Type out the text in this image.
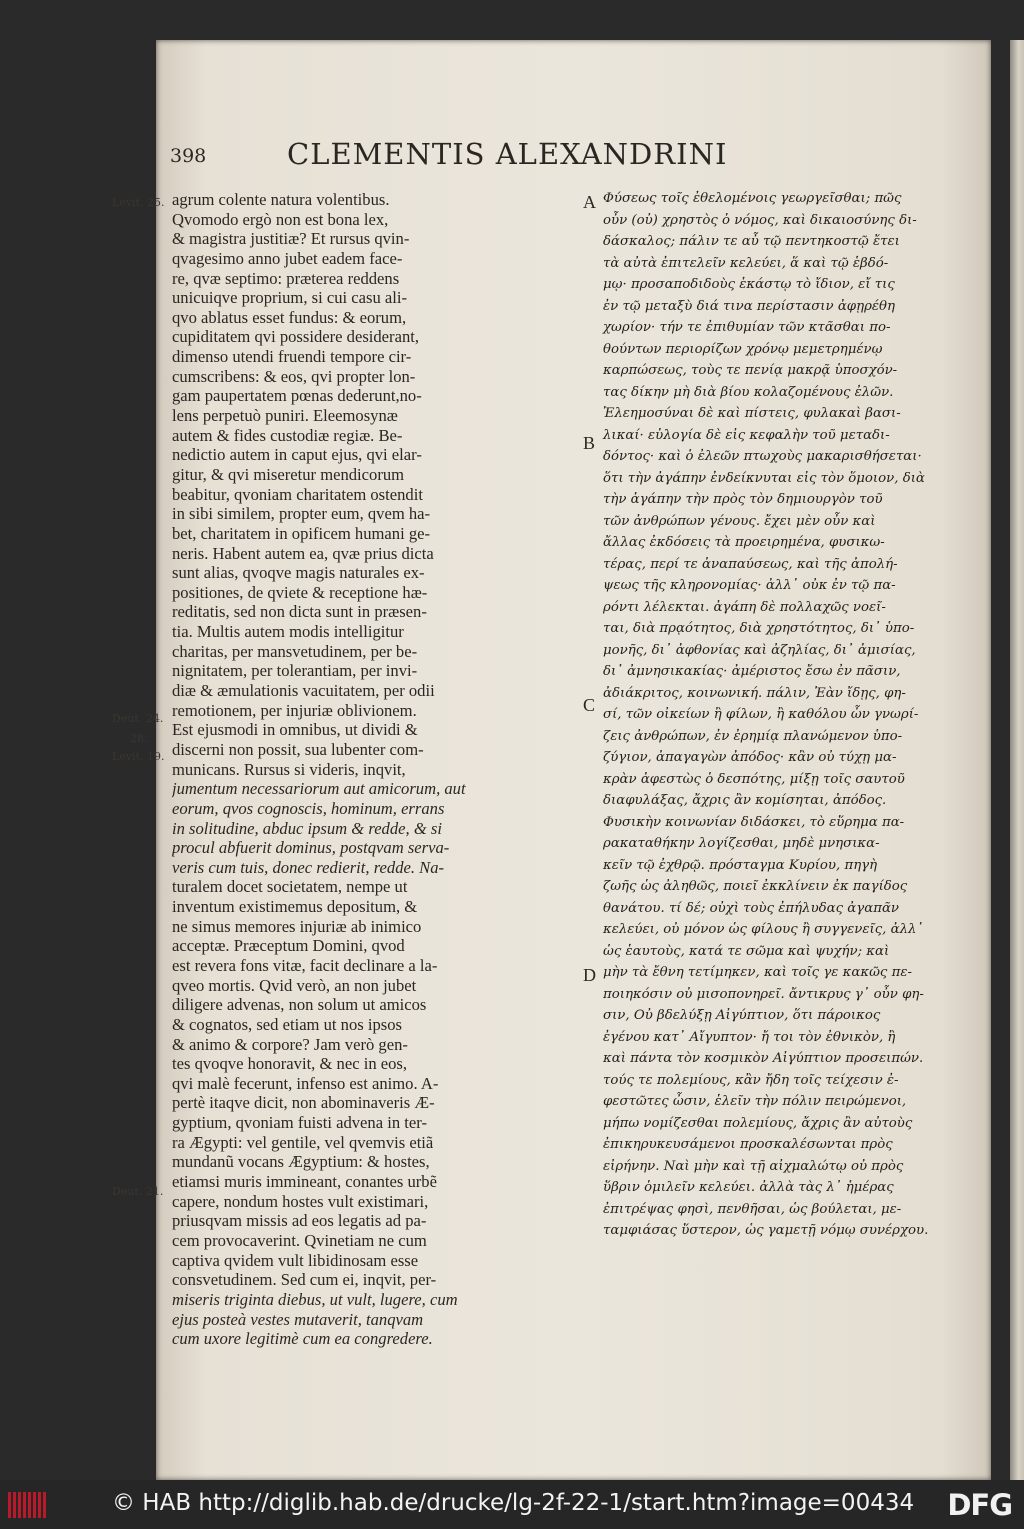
398	CLEMENTIS ALEXANDRINI
Levit. 25.
Deut. 24.
28.
Levit. 19.
Deut. 21.
agrum colente natura volentibus.
Qvomodo ergò non est bona lex,
& magistra justitiæ? Et rursus qvin-
qvagesimo anno jubet eadem face-
re, qvæ septimo: præterea reddens
unicuiqve proprium, si cui casu ali-
qvo ablatus esset fundus: & eorum,
cupiditatem qvi possidere desiderant,
dimenso utendi fruendi tempore cir-
cumscribens: & eos, qvi propter lon-
gam paupertatem pœnas dederunt,no-
lens perpetuò puniri. Eleemosynæ
autem & fides custodiæ regiæ. Be-
nedictio autem in caput ejus, qvi elar-
gitur, & qvi miseretur mendicorum
beabitur, qvoniam charitatem ostendit
in sibi similem, propter eum, qvem ha-
bet, charitatem in opificem humani ge-
neris. Habent autem ea, qvæ prius dicta
sunt alias, qvoqve magis naturales ex-
positiones, de qviete & receptione hæ-
reditatis, sed non dicta sunt in præsen-
tia. Multis autem modis intelligitur
charitas, per mansvetudinem, per be-
nignitatem, per tolerantiam, per invi-
diæ & æmulationis vacuitatem, per odii
remotionem, per injuriæ oblivionem.
Est ejusmodi in omnibus, ut dividi &
discerni non possit, sua lubenter com-
municans. Rursus si videris, inqvit,
jumentum necessariorum aut amicorum, aut
eorum, qvos cognoscis, hominum, errans
in solitudine, abduc ipsum & redde, & si
procul abfuerit dominus, postqvam serva-
veris cum tuis, donec redierit, redde. Na-
turalem docet societatem, nempe ut
inventum existimemus depositum, &
ne simus memores injuriæ ab inimico
acceptæ. Præceptum Domini, qvod
est revera fons vitæ, facit declinare a la-
qveo mortis. Qvid verò, an non jubet
diligere advenas, non solum ut amicos
& cognatos, sed etiam ut nos ipsos
& animo & corpore? Jam verò gen-
tes qvoqve honoravit, & nec in eos,
qvi malè fecerunt, infenso est animo. A-
pertè itaqve dicit, non abominaveris Æ-
gyptium, qvoniam fuisti advena in ter-
ra Ægypti: vel gentile, vel qvemvis etiã
mundanũ vocans Ægyptium: & hostes,
etiamsi muris immineant, conantes urbẽ
capere, nondum hostes vult existimari,
priusqvam missis ad eos legatis ad pa-
cem provocaverint. Qvinetiam ne cum
captiva qvidem vult libidinosam esse
consvetudinem. Sed cum ei, inqvit, per-
miseris triginta diebus, ut vult, lugere, cum
ejus posteà vestes mutaverit, tanqvam
cum uxore legitimè cum ea congredere.
A
B
C
D
Φύσεως τοῖς ἐθελομένοις γεωργεῖσθαι; πῶς
οὖν (οὐ) χρηστὸς ὁ νόμος, καὶ δικαιοσύνης δι-
δάσκαλος; πάλιν τε αὖ τῷ πεντηκοστῷ ἔτει
τὰ αὐτὰ ἐπιτελεῖν κελεύει, ἅ καὶ τῷ ἑβδό-
μῳ· προσαποδιδοὺς ἑκάστῳ τὸ ἴδιον, εἴ τις
ἐν τῷ μεταξὺ διά τινα περίστασιν ἀφῃρέθη
χωρίον· τήν τε ἐπιθυμίαν τῶν κτᾶσθαι πο-
θούντων περιορίζων χρόνῳ μεμετρημένῳ
καρπώσεως, τοὺς τε πενίᾳ μακρᾷ ὑποσχόν-
τας δίκην μὴ διὰ βίου κολαζομένους ἐλῶν.
Ἐλεημοσύναι δὲ καὶ πίστεις, φυλακαὶ βασι-
λικαί· εὐλογία δὲ εἰς κεφαλὴν τοῦ μεταδι-
δόντος· καὶ ὁ ἐλεῶν πτωχοὺς μακαρισθήσεται·
ὅτι τὴν ἀγάπην ἐνδείκνυται εἰς τὸν ὅμοιον, διὰ
τὴν ἀγάπην τὴν πρὸς τὸν δημιουργὸν τοῦ
τῶν ἀνθρώπων γένους. ἔχει μὲν οὖν καὶ
ἄλλας ἐκδόσεις τὰ προειρημένα, φυσικω-
τέρας, περί τε ἀναπαύσεως, καὶ τῆς ἀπολή-
ψεως τῆς κληρονομίας· ἀλλ᾽ οὐκ ἐν τῷ πα-
ρόντι λέλεκται. ἀγάπη δὲ πολλαχῶς νοεῖ-
ται, διὰ πρᾳότητος, διὰ χρηστότητος, δι᾽ ὑπο-
μονῆς, δι᾽ ἀφθονίας καὶ ἀζηλίας, δι᾽ ἀμισίας,
δι᾽ ἀμνησικακίας· ἀμέριστος ἔσω ἐν πᾶσιν,
ἀδιάκριτος, κοινωνική. πάλιν, Ἐὰν ἴδῃς, φη-
σί, τῶν οἰκείων ἢ φίλων, ἢ καθόλου ὧν γνωρί-
ζεις ἀνθρώπων, ἐν ἐρημίᾳ πλανώμενον ὑπο-
ζύγιον, ἀπαγαγὼν ἀπόδος· κἂν οὐ τύχῃ μα-
κρὰν ἀφεστὼς ὁ δεσπότης, μίξῃ τοῖς σαυτοῦ
διαφυλάξας, ἄχρις ἂν κομίσηται, ἀπόδος.
Φυσικὴν κοινωνίαν διδάσκει, τὸ εὕρημα πα-
ρακαταθήκην λογίζεσθαι, μηδὲ μνησικα-
κεῖν τῷ ἐχθρῷ. πρόσταγμα Κυρίου, πηγὴ
ζωῆς ὡς ἀληθῶς, ποιεῖ ἐκκλίνειν ἐκ παγίδος
θανάτου. τί δέ; οὐχὶ τοὺς ἐπήλυδας ἀγαπᾶν
κελεύει, οὐ μόνον ὡς φίλους ἢ συγγενεῖς, ἀλλ᾽
ὡς ἑαυτοὺς, κατά τε σῶμα καὶ ψυχήν; καὶ
μὴν τὰ ἔθνη τετίμηκεν, καὶ τοῖς γε κακῶς πε-
ποιηκόσιν οὐ μισοπονηρεῖ. ἄντικρυς γ᾽ οὖν φη-
σιν, Οὐ βδελύξῃ Αἰγύπτιον, ὅτι πάροικος
ἐγένου κατ᾽ Αἴγυπτον· ἤ τοι τὸν ἐθνικὸν, ἢ
καὶ πάντα τὸν κοσμικὸν Αἰγύπτιον προσειπών.
τούς τε πολεμίους, κἂν ἤδη τοῖς τείχεσιν ἐ-
φεστῶτες ὦσιν, ἑλεῖν τὴν πόλιν πειρώμενοι,
μήπω νομίζεσθαι πολεμίους, ἄχρις ἂν αὐτοὺς
ἐπικηρυκευσάμενοι προσκαλέσωνται πρὸς
εἰρήνην. Ναὶ μὴν καὶ τῇ αἰχμαλώτῳ οὐ πρὸς
ὕβριν ὁμιλεῖν κελεύει. ἀλλὰ τὰς λ᾽ ἡμέρας
ἐπιτρέψας φησὶ, πενθῆσαι, ὡς βούλεται, με-
ταμφιάσας ὕστερον, ὡς γαμετῇ νόμῳ συνέρχου.
© HAB http://diglib.hab.de/drucke/lg-2f-22-1/start.htm?image=00434 DFG
